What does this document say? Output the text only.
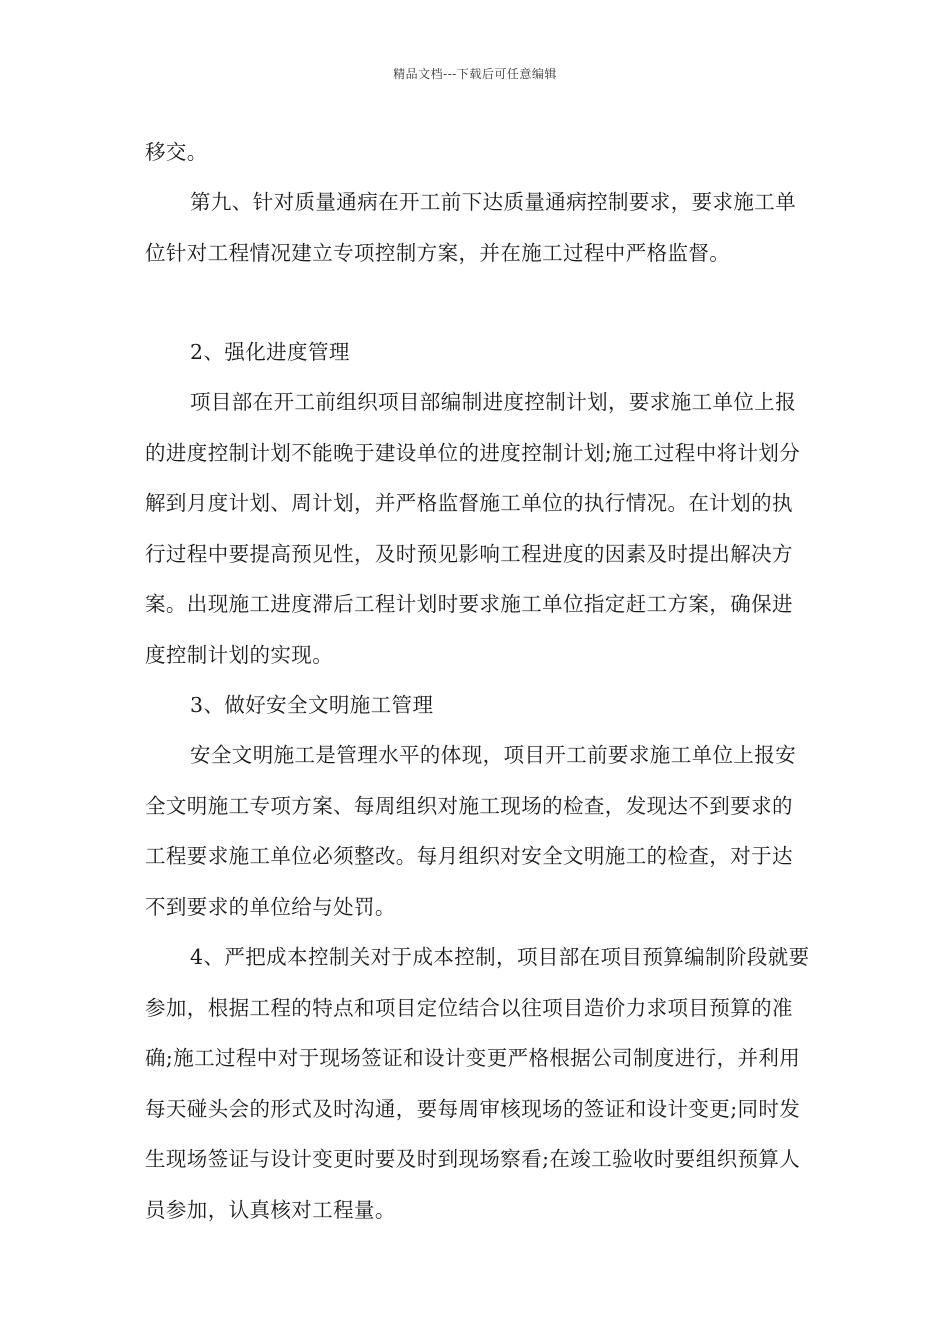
精品文档---下载后可任意编辑

移交。

第九、针对质量通病在开工前下达质量通病控制要求，要求施工单位针对工程情况建立专项控制方案，并在施工过程中严格监督。

2、强化进度管理

项目部在开工前组织项目部编制进度控制计划，要求施工单位上报的进度控制计划不能晚于建设单位的进度控制计划;施工过程中将计划分解到月度计划、周计划，并严格监督施工单位的执行情况。在计划的执行过程中要提高预见性，及时预见影响工程进度的因素及时提出解决方案。出现施工进度滞后工程计划时要求施工单位指定赶工方案，确保进度控制计划的实现。

3、做好安全文明施工管理

安全文明施工是管理水平的体现，项目开工前要求施工单位上报安全文明施工专项方案、每周组织对施工现场的检查，发现达不到要求的工程要求施工单位必须整改。每月组织对安全文明施工的检查，对于达不到要求的单位给与处罚。

4、严把成本控制关对于成本控制，项目部在项目预算编制阶段就要参加，根据工程的特点和项目定位结合以往项目造价力求项目预算的准确;施工过程中对于现场签证和设计变更严格根据公司制度进行，并利用每天碰头会的形式及时沟通，要每周审核现场的签证和设计变更;同时发生现场签证与设计变更时要及时到现场察看;在竣工验收时要组织预算人员参加，认真核对工程量。
